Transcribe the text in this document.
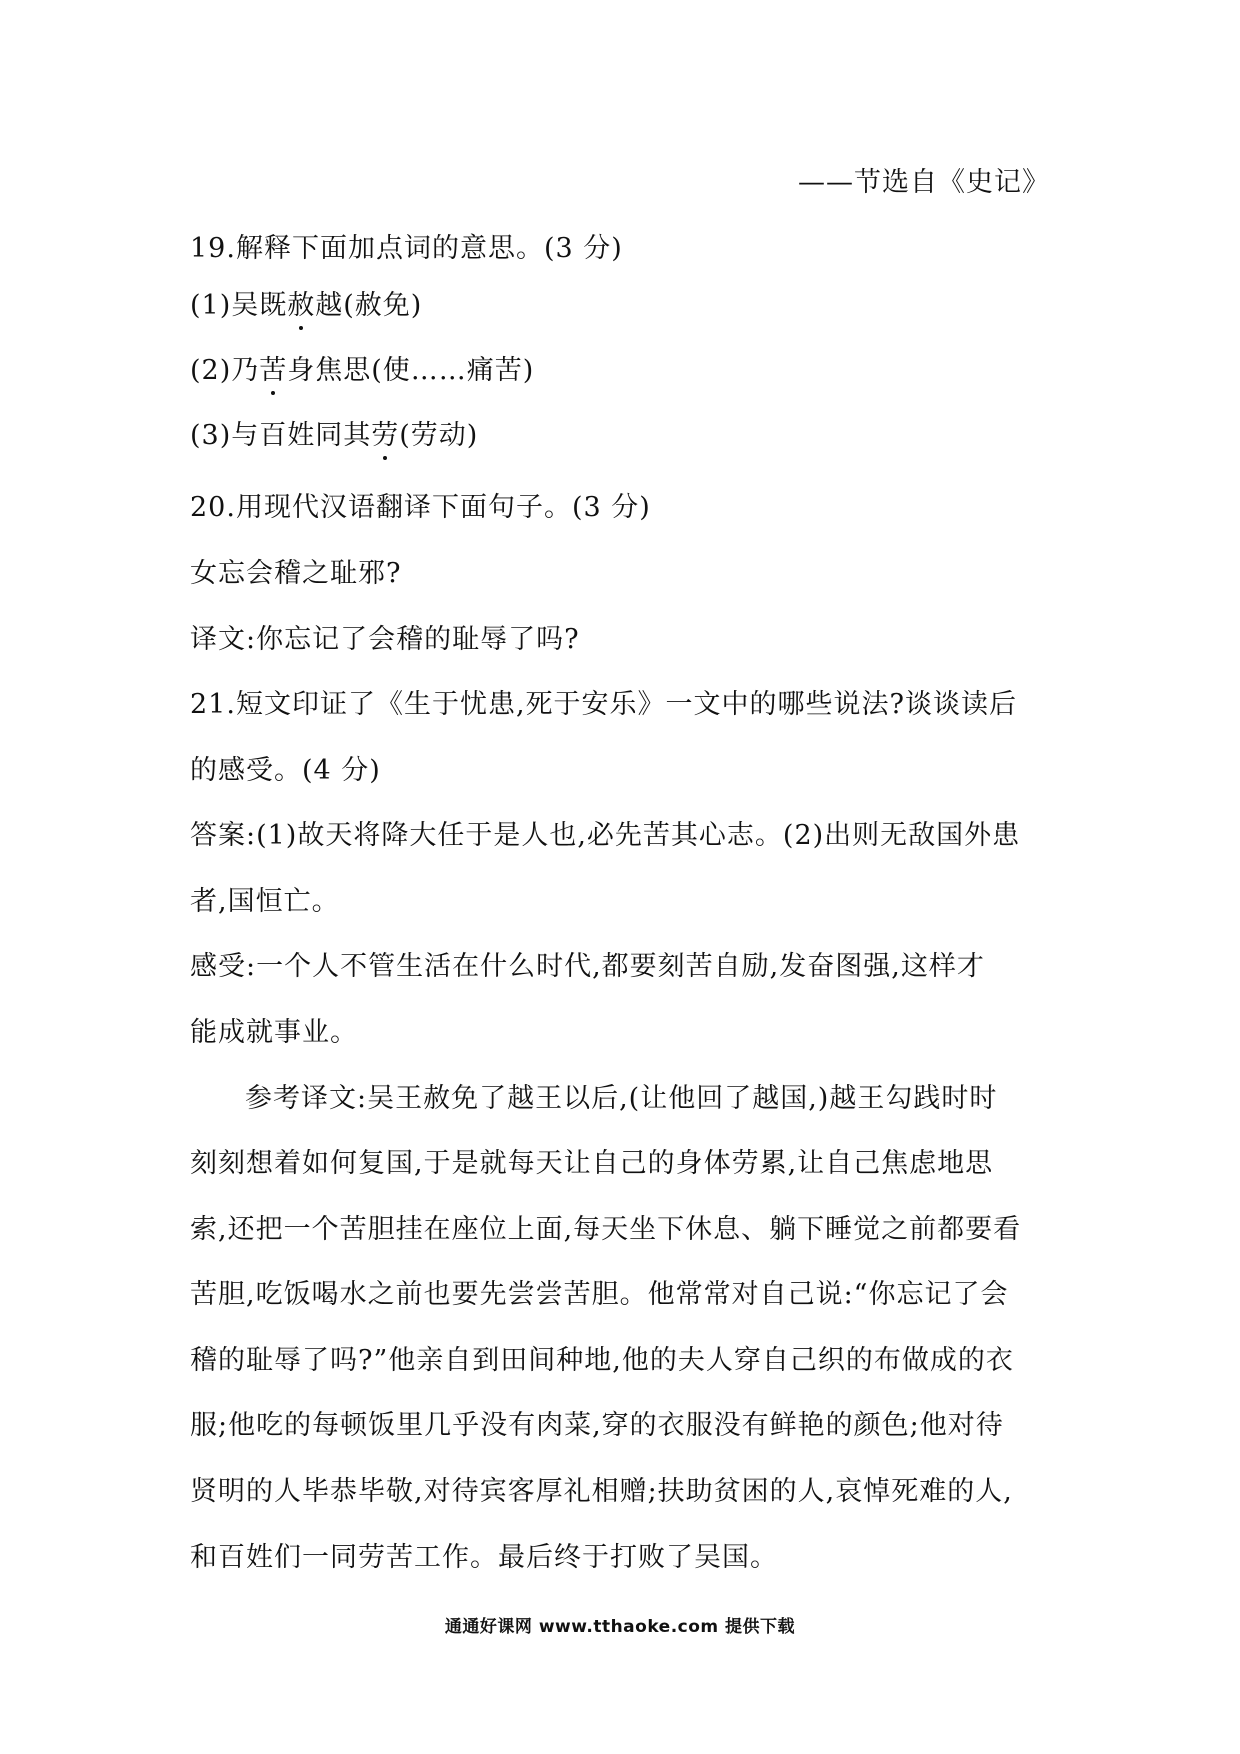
——节选自《史记》
19.解释下面加点词的意思。(3 分)
(1)吴既赦越(赦免)
(2)乃苦身焦思(使……痛苦)
(3)与百姓同其劳(劳动)
20.用现代汉语翻译下面句子。(3 分)
女忘会稽之耻邪?
译文:你忘记了会稽的耻辱了吗?
21.短文印证了《生于忧患,死于安乐》一文中的哪些说法?谈谈读后
的感受。(4 分)
答案:(1)故天将降大任于是人也,必先苦其心志。(2)出则无敌国外患
者,国恒亡。
感受:一个人不管生活在什么时代,都要刻苦自励,发奋图强,这样才
能成就事业。
参考译文:吴王赦免了越王以后,(让他回了越国,)越王勾践时时
刻刻想着如何复国,于是就每天让自己的身体劳累,让自己焦虑地思
索,还把一个苦胆挂在座位上面,每天坐下休息、躺下睡觉之前都要看
苦胆,吃饭喝水之前也要先尝尝苦胆。他常常对自己说:“你忘记了会
稽的耻辱了吗?”他亲自到田间种地,他的夫人穿自己织的布做成的衣
服;他吃的每顿饭里几乎没有肉菜,穿的衣服没有鲜艳的颜色;他对待
贤明的人毕恭毕敬,对待宾客厚礼相赠;扶助贫困的人,哀悼死难的人,
和百姓们一同劳苦工作。最后终于打败了吴国。
通通好课网 www.tthaoke.com 提供下载
